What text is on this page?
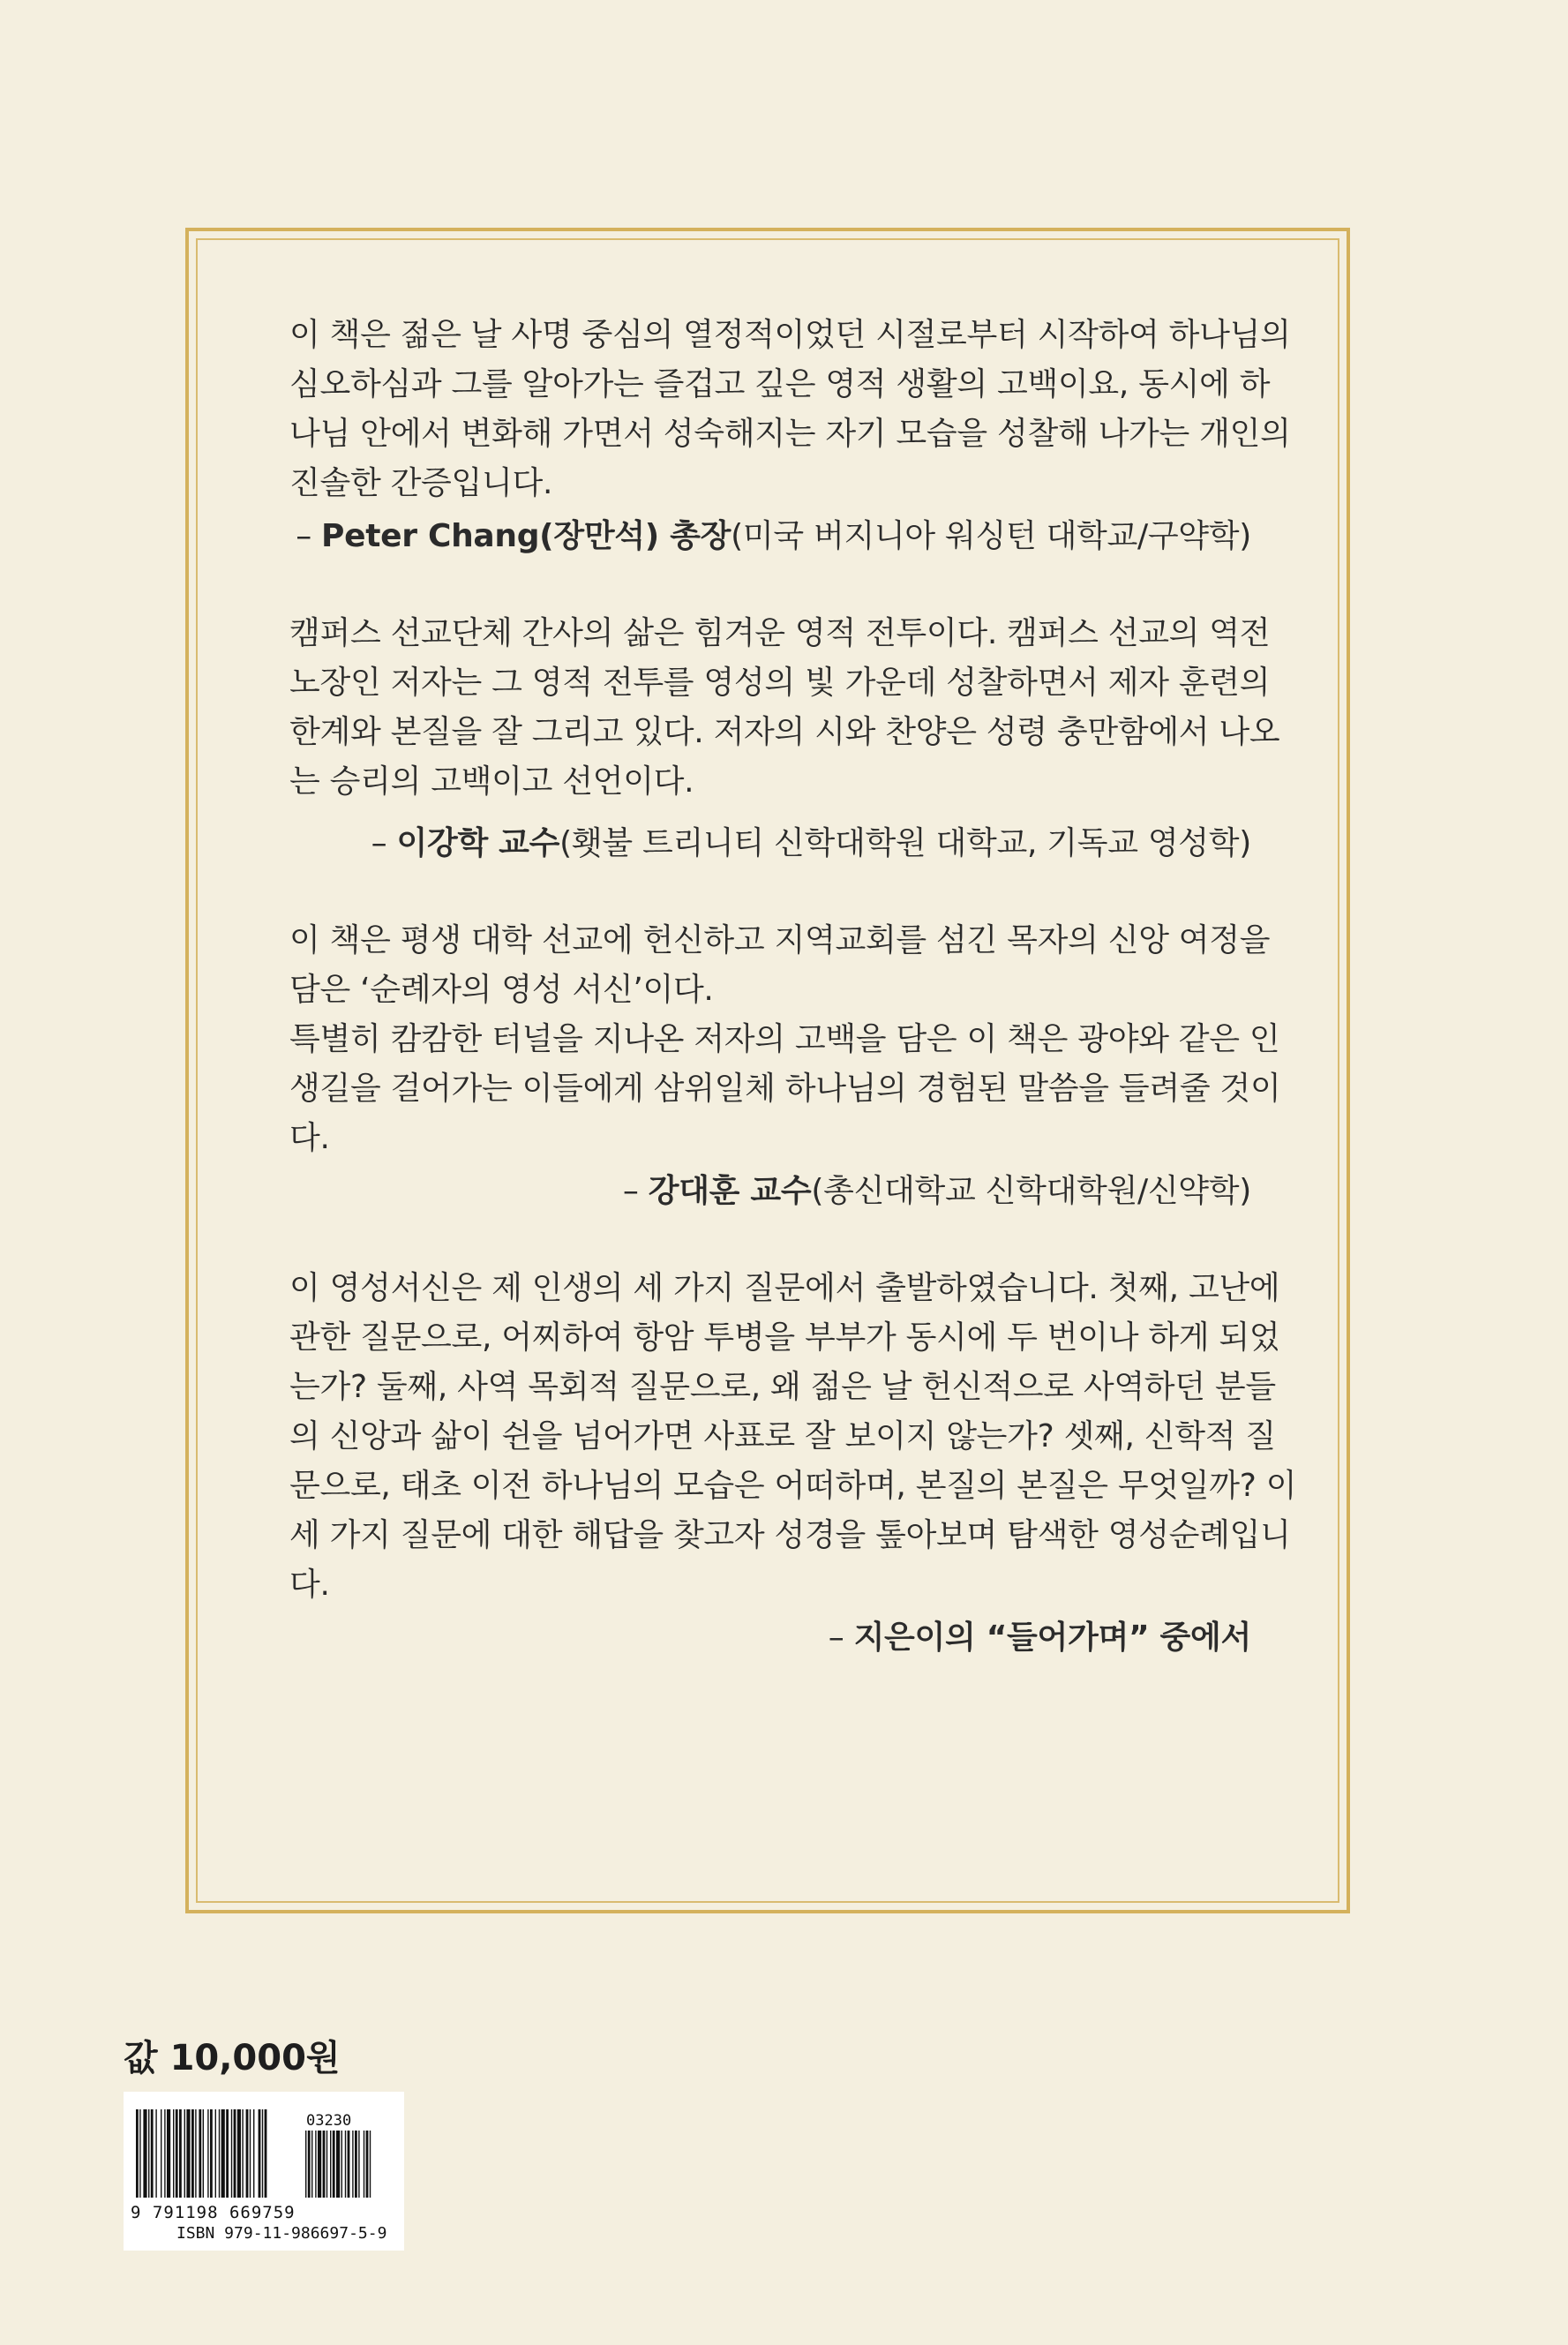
이 책은 젊은 날 사명 중심의 열정적이었던 시절로부터 시작하여 하나님의
심오하심과 그를 알아가는 즐겁고 깊은 영적 생활의 고백이요, 동시에 하
나님 안에서 변화해 가면서 성숙해지는 자기 모습을 성찰해 나가는 개인의
진솔한 간증입니다.
– Peter Chang(장만석) 총장(미국 버지니아 워싱턴 대학교/구약학)
캠퍼스 선교단체 간사의 삶은 힘겨운 영적 전투이다. 캠퍼스 선교의 역전
노장인 저자는 그 영적 전투를 영성의 빛 가운데 성찰하면서 제자 훈련의
한계와 본질을 잘 그리고 있다. 저자의 시와 찬양은 성령 충만함에서 나오
는 승리의 고백이고 선언이다.
– 이강학 교수(횃불 트리니티 신학대학원 대학교, 기독교 영성학)
이 책은 평생 대학 선교에 헌신하고 지역교회를 섬긴 목자의 신앙 여정을
담은 ‘순례자의 영성 서신’이다.
특별히 캄캄한 터널을 지나온 저자의 고백을 담은 이 책은 광야와 같은 인
생길을 걸어가는 이들에게 삼위일체 하나님의 경험된 말씀을 들려줄 것이
다.
– 강대훈 교수(총신대학교 신학대학원/신약학)
이 영성서신은 제 인생의 세 가지 질문에서 출발하였습니다. 첫째, 고난에
관한 질문으로, 어찌하여 항암 투병을 부부가 동시에 두 번이나 하게 되었
는가? 둘째, 사역 목회적 질문으로, 왜 젊은 날 헌신적으로 사역하던 분들
의 신앙과 삶이 쉰을 넘어가면 사표로 잘 보이지 않는가? 셋째, 신학적 질
문으로, 태초 이전 하나님의 모습은 어떠하며, 본질의 본질은 무엇일까? 이
세 가지 질문에 대한 해답을 찾고자 성경을 톺아보며 탐색한 영성순례입니
다.
– 지은이의 “들어가며” 중에서
값 10,000원
03230
9 791198 669759
ISBN 979-11-986697-5-9
